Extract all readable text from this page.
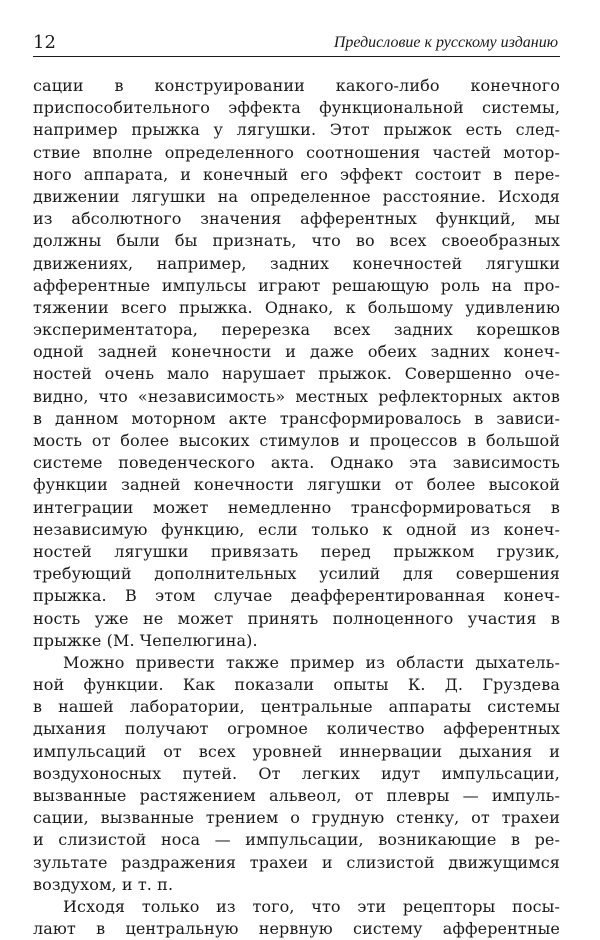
12	Предисловие к русскому изданию
сации в конструировании какого-либо конечного
приспособительного эффекта функциональной системы,
например прыжка у лягушки. Этот прыжок есть след-
ствие вполне определенного соотношения частей мотор-
ного аппарата, и конечный его эффект состоит в пере-
движении лягушки на определенное расстояние. Исходя
из абсолютного значения афферентных функций, мы
должны были бы признать, что во всех своеобразных
движениях, например, задних конечностей лягушки
афферентные импульсы играют решающую роль на про-
тяжении всего прыжка. Однако, к большому удивлению
экспериментатора, перерезка всех задних корешков
одной задней конечности и даже обеих задних конеч-
ностей очень мало нарушает прыжок. Совершенно оче-
видно, что «независимость» местных рефлекторных актов
в данном моторном акте трансформировалось в зависи-
мость от более высоких стимулов и процессов в большой
системе поведенческого акта. Однако эта зависимость
функции задней конечности лягушки от более высокой
интеграции может немедленно трансформироваться в
независимую функцию, если только к одной из конеч-
ностей лягушки привязать перед прыжком грузик,
требующий дополнительных усилий для совершения
прыжка. В этом случае деафферентированная конеч-
ность уже не может принять полноценного участия в
прыжке (М. Чепелюгина).
Можно привести также пример из области дыхатель-
ной функции. Как показали опыты К. Д. Груздева
в нашей лаборатории, центральные аппараты системы
дыхания получают огромное количество афферентных
импульсаций от всех уровней иннервации дыхания и
воздухоносных путей. От легких идут импульсации,
вызванные растяжением альвеол, от плевры — импуль-
сации, вызванные трением о грудную стенку, от трахеи
и слизистой носа — импульсации, возникающие в ре-
зультате раздражения трахеи и слизистой движущимся
воздухом, и т. п.
Исходя только из того, что эти рецепторы посы-
лают в центральную нервную систему афферентные
